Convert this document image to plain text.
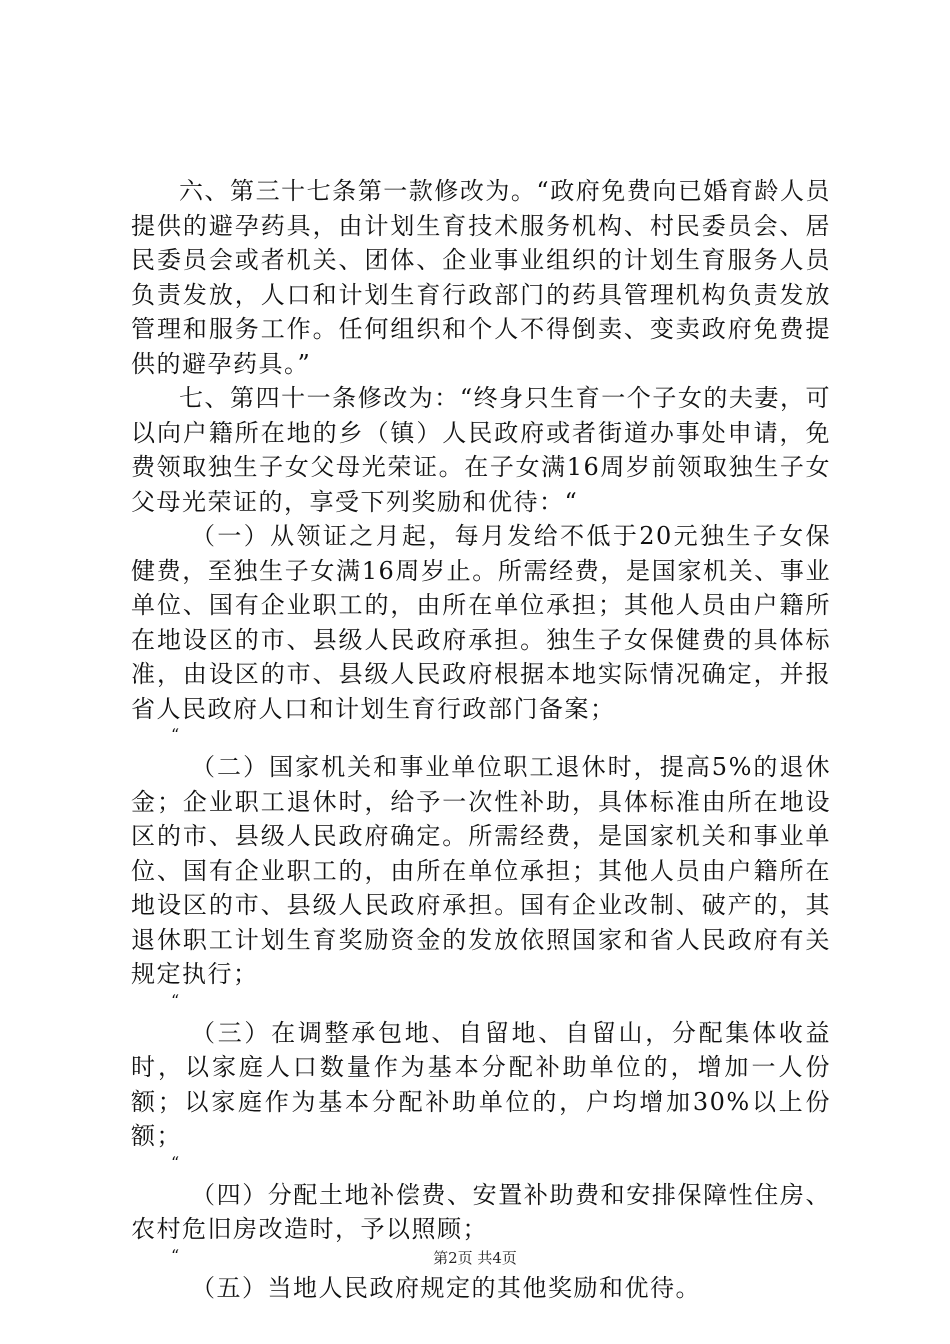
六、第三十七条第一款修改为。“政府免费向已婚育龄人员提供的避孕药具，由计划生育技术服务机构、村民委员会、居民委员会或者机关、团体、企业事业组织的计划生育服务人员负责发放，人口和计划生育行政部门的药具管理机构负责发放管理和服务工作。任何组织和个人不得倒卖、变卖政府免费提供的避孕药具。”

七、第四十一条修改为：“终身只生育一个子女的夫妻，可以向户籍所在地的乡（镇）人民政府或者街道办事处申请，免费领取独生子女父母光荣证。在子女满16周岁前领取独生子女父母光荣证的，享受下列奖励和优待：“

（一）从领证之月起，每月发给不低于20元独生子女保健费，至独生子女满16周岁止。所需经费，是国家机关、事业单位、国有企业职工的，由所在单位承担；其他人员由户籍所在地设区的市、县级人民政府承担。独生子女保健费的具体标准，由设区的市、县级人民政府根据本地实际情况确定，并报省人民政府人口和计划生育行政部门备案；

“

（二）国家机关和事业单位职工退休时，提高5%的退休金；企业职工退休时，给予一次性补助，具体标准由所在地设区的市、县级人民政府确定。所需经费，是国家机关和事业单位、国有企业职工的，由所在单位承担；其他人员由户籍所在地设区的市、县级人民政府承担。国有企业改制、破产的，其退休职工计划生育奖励资金的发放依照国家和省人民政府有关规定执行；

“

（三）在调整承包地、自留地、自留山，分配集体收益时，以家庭人口数量作为基本分配补助单位的，增加一人份额；以家庭作为基本分配补助单位的，户均增加30%以上份额；

“

（四）分配土地补偿费、安置补助费和安排保障性住房、农村危旧房改造时，予以照顾；

“

（五）当地人民政府规定的其他奖励和优待。

第2页 共4页
